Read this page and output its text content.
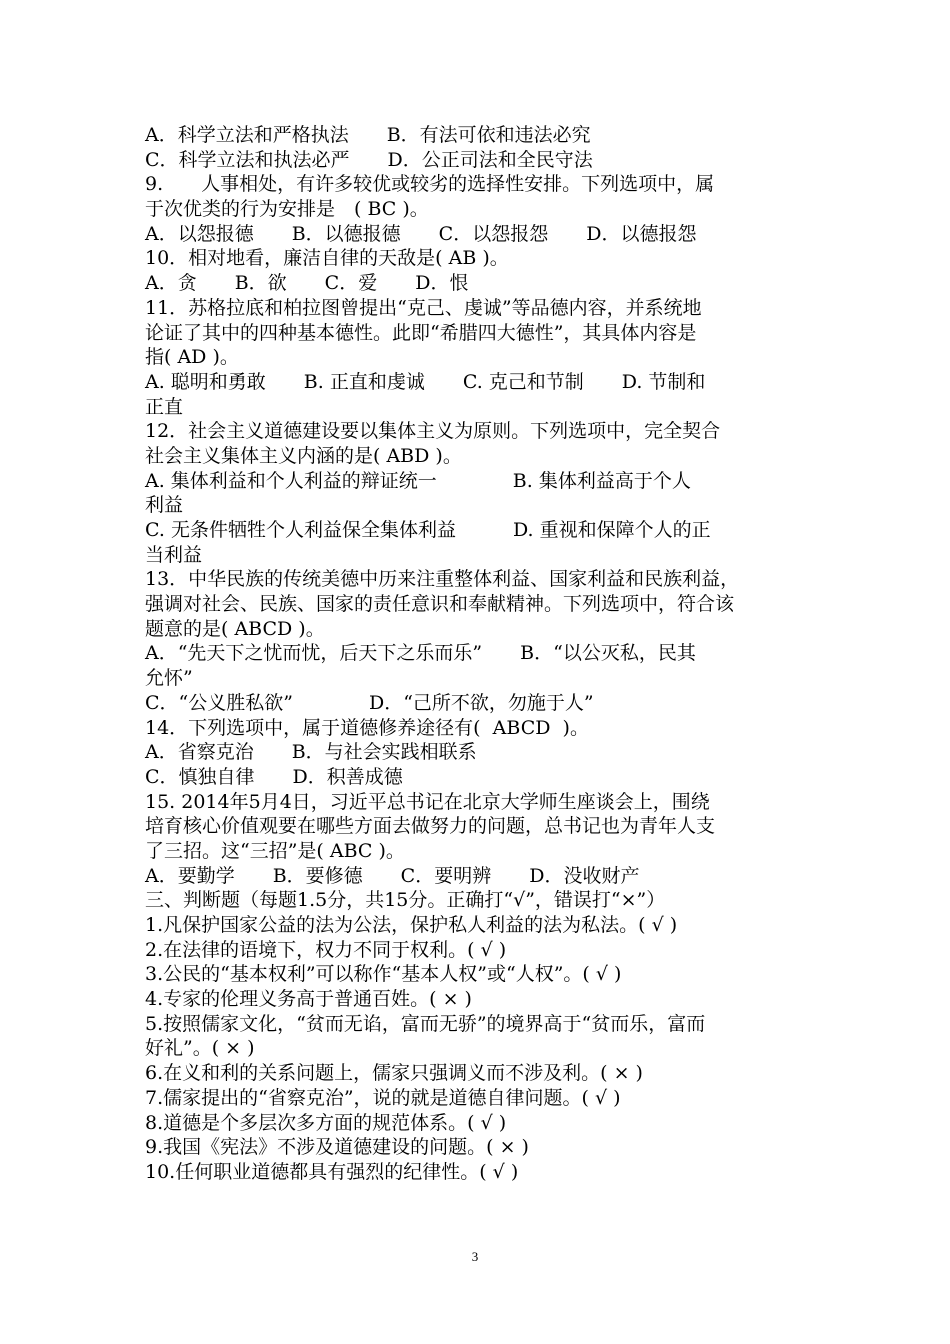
A．科学立法和严格执法　　B．有法可依和违法必究
C．科学立法和执法必严　　D．公正司法和全民守法
9.　　人事相处，有许多较优或较劣的选择性安排。下列选项中，属
于次优类的行为安排是　( BC )。
A．以怨报德　　B．以德报德　　C．以怨报怨　　D．以德报怨
10．相对地看，廉洁自律的天敌是( AB )。
A．贪　　B．欲　　C．爱　　D．恨
11．苏格拉底和柏拉图曾提出“克己、虔诚”等品德内容，并系统地
论证了其中的四种基本德性。此即“希腊四大德性”，其具体内容是
指( AD )。
A. 聪明和勇敢　　B. 正直和虔诚　　C. 克己和节制　　D. 节制和
正直
12．社会主义道德建设要以集体主义为原则。下列选项中，完全契合
社会主义集体主义内涵的是( ABD )。
A. 集体利益和个人利益的辩证统一　　　　B. 集体利益高于个人
利益
C. 无条件牺牲个人利益保全集体利益　　　D. 重视和保障个人的正
当利益
13．中华民族的传统美德中历来注重整体利益、国家利益和民族利益，
强调对社会、民族、国家的责任意识和奉献精神。下列选项中，符合该
题意的是( ABCD )。
A．“先天下之忧而忧，后天下之乐而乐”　　B．“以公灭私，民其
允怀”
C．“公义胜私欲”　　　　D．“己所不欲，勿施于人”
14．下列选项中，属于道德修养途径有(  ABCD  )。
A．省察克治　　B．与社会实践相联系
C．慎独自律　　D．积善成德
15. 2014年5月4日，习近平总书记在北京大学师生座谈会上，围绕
培育核心价值观要在哪些方面去做努力的问题，总书记也为青年人支
了三招。这“三招”是( ABC )。
A．要勤学　　B．要修德　　C．要明辨　　D．没收财产
三、判断题（每题1.5分，共15分。正确打“√”，错误打“×”）
1.凡保护国家公益的法为公法，保护私人利益的法为私法。( √ )
2.在法律的语境下，权力不同于权利。( √ )
3.公民的“基本权利”可以称作“基本人权”或“人权”。( √ )
4.专家的伦理义务高于普通百姓。( × )
5.按照儒家文化，“贫而无谄，富而无骄”的境界高于“贫而乐，富而
好礼”。( × )
6.在义和利的关系问题上，儒家只强调义而不涉及利。( × )
7.儒家提出的“省察克治”，说的就是道德自律问题。( √ )
8.道德是个多层次多方面的规范体系。( √ )
9.我国《宪法》不涉及道德建设的问题。( × )
10.任何职业道德都具有强烈的纪律性。( √ )
3
